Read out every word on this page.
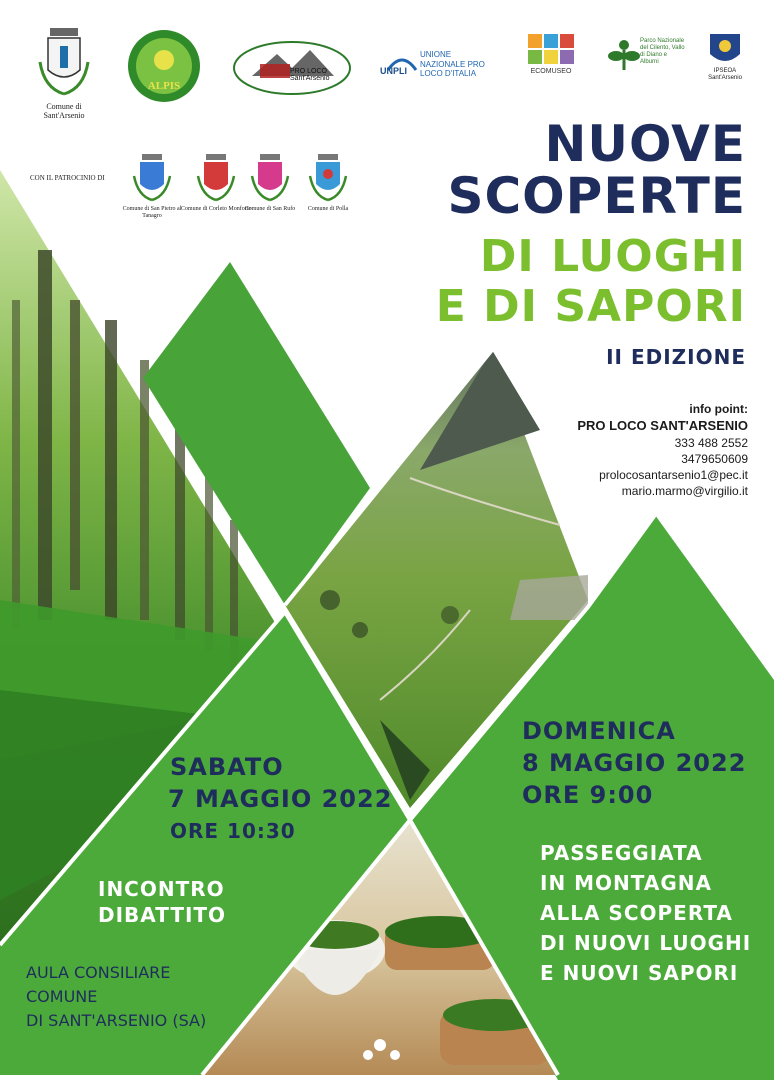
Comune di Sant'Arsenio
ALPIS
PRO LOCO Sant'Arsenio
UNPLI
UNIONE NAZIONALE PRO LOCO D'ITALIA	ECOMUSEO
Parco Nazionale del Cilento, Vallo di Diano e Alburni
IPSEOA Sant'Arsenio
CON IL PATROCINIO DI
Comune di San Pietro al Tanagro
Comune di Corleto Monforte
Comune di San Rufo	Comune di Polla
NUOVE
SCOPERTE
DI LUOGHI
E DI SAPORI
II EDIZIONE
info point:
PRO LOCO SANT'ARSENIO
333 488 2552
3479650609
prolocosantarsenio1@pec.it
mario.marmo@virgilio.it
SABATO
7 MAGGIO 2022
ORE 10:30
INCONTRO
DIBATTITO
AULA CONSILIARE
COMUNE
DI SANT'ARSENIO (SA)
DOMENICA
8 MAGGIO 2022
ORE 9:00
PASSEGGIATA
IN MONTAGNA
ALLA SCOPERTA
DI NUOVI LUOGHI
E NUOVI SAPORI
